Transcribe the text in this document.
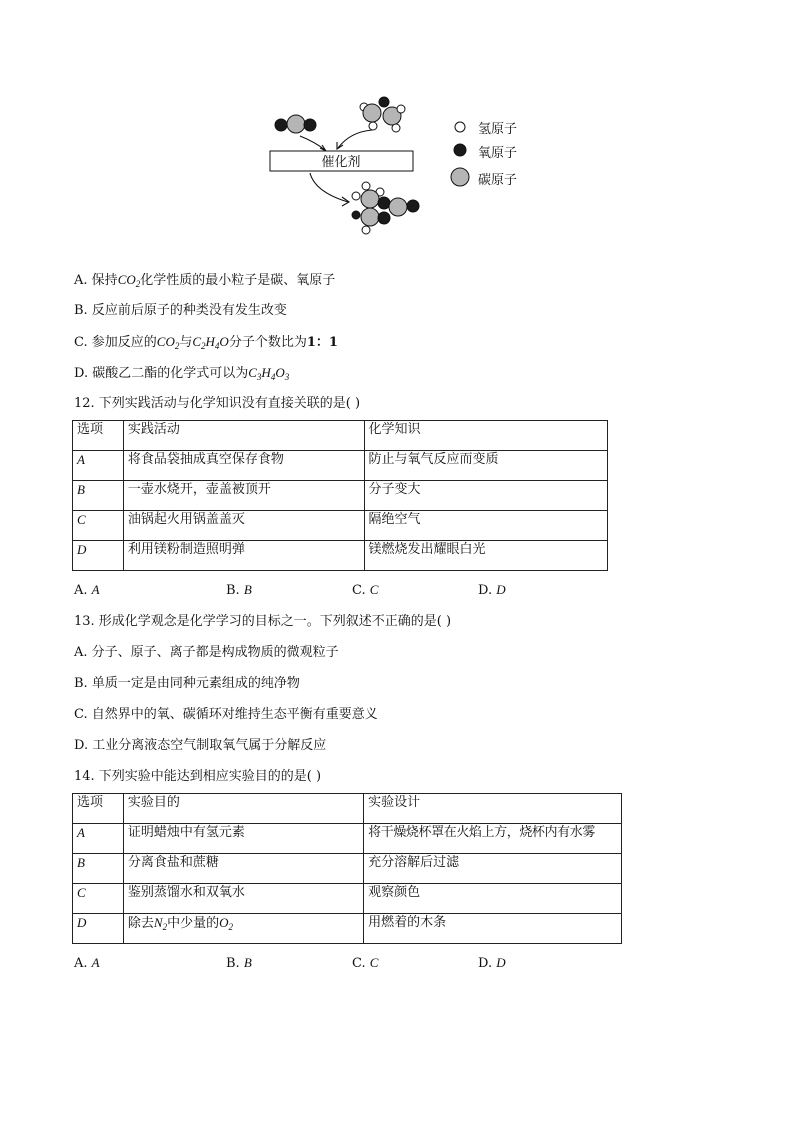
催化剂
氢原子
氧原子
碳原子
A. 保持$CO_2$化学性质的最小粒子是碳、氧原子
B. 反应前后原子的种类没有发生改变
C. 参加反应的$CO_2$与$C_2H_4O$分子个数比为1：1
D. 碳酸乙二酯的化学式可以为$C_3H_4O_3$
12. 下列实践活动与化学知识没有直接关联的是( )
选项	实践活动	化学知识
A	将食品袋抽成真空保存食物	防止与氧气反应而变质
B	一壶水烧开，壶盖被顶开	分子变大
C	油锅起火用锅盖盖灭	隔绝空气
D	利用镁粉制造照明弹	镁燃烧发出耀眼白光
A. A	B. B	C. C	D. D
13. 形成化学观念是化学学习的目标之一。下列叙述不正确的是( )
A. 分子、原子、离子都是构成物质的微观粒子
B. 单质一定是由同种元素组成的纯净物
C. 自然界中的氧、碳循环对维持生态平衡有重要意义
D. 工业分离液态空气制取氧气属于分解反应
14. 下列实验中能达到相应实验目的的是( )
选项	实验目的	实验设计
A	证明蜡烛中有氢元素	将干燥烧杯罩在火焰上方，烧杯内有水雾
B	分离食盐和蔗糖	充分溶解后过滤
C	鉴别蒸馏水和双氧水	观察颜色
D	除去$N_2$中少量的$O_2$	用燃着的木条
A. A	B. B	C. C	D. D
